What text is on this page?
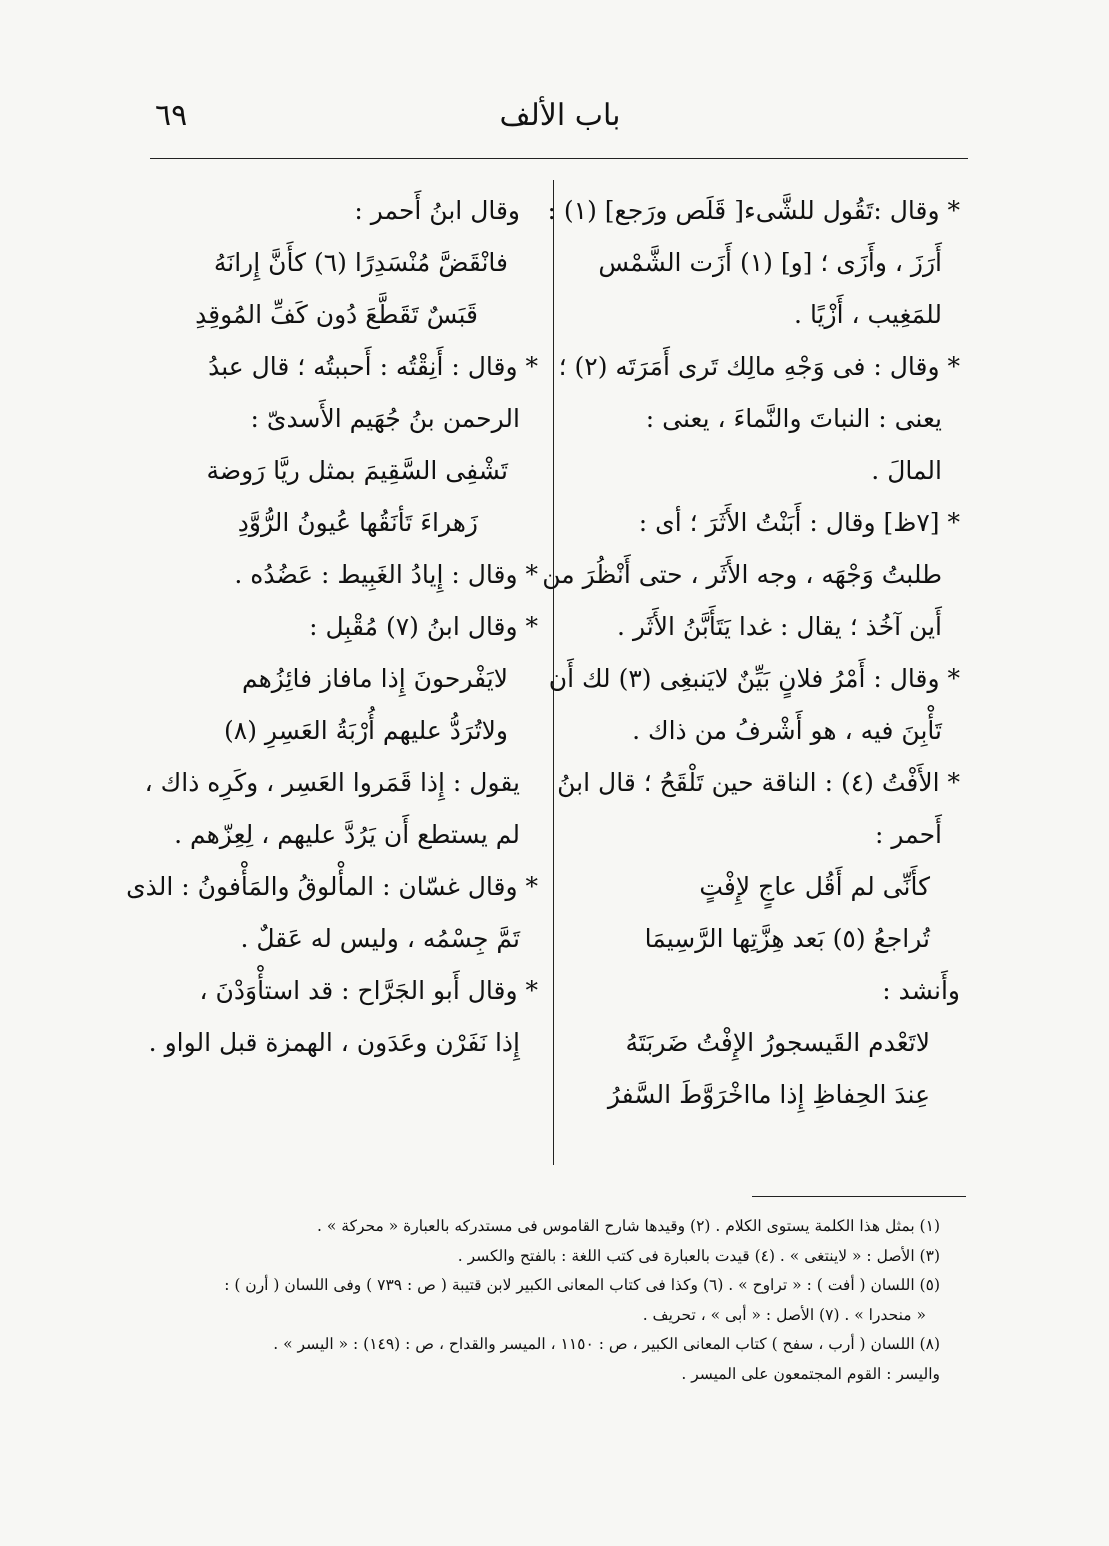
٦٩	باب الألف
* وقال :تَقُول للشَّىء[ قَلَص ورَجع] (١) :
أَرَزَ ، وأَزَى ؛ [و] (١) أَزَت الشَّمْس
للمَغِيب ، أَزْيًا .
* وقال : فى وَجْهِ مالِك تَرى أَمَرَتَه (٢) ؛
يعنى : النباتَ والنَّماءَ ، يعنى :
المالَ .
* [٧ظ] وقال : أَبَنْتُ الأَثَرَ ؛ أى :
طلبتُ وَجْهَه ، وجه الأَثَر ، حتى أَنْظُرَ من
أَين آخُذ ؛ يقال : غدا يَتَأَبَّنُ الأَثَر .
* وقال : أَمْرُ فلانٍ بَيِّنٌ لايَنبغِى (٣) لك أَن
تَأْبِنَ فيه ، هو أَشْرفُ من ذاك .
* الأَفْتُ (٤) : الناقة حين تَلْقَحُ ؛ قال ابنُ
أَحمر :
كأَنِّى لم أَقُل عاجٍ لإِفْتٍ
تُراجعُ (٥) بَعد هِزَّتِها الرَّسِيمَا
وأَنشد :
لاتَعْدم القَيسجورُ الإِفْتُ ضَربَتَهُ
عِندَ الحِفاظِ إِذا مااخْرَوَّطَ السَّفرُ
وقال ابنُ أَحمر :
فانْقَضَّ مُنْسَدِرًا (٦) كأَنَّ إِرانَهُ
قَبَسٌ تَقَطَّعَ دُون كَفِّ المُوقِدِ
* وقال : أَنِقْتُه : أَحببتُه ؛ قال عبدُ
الرحمن بنُ جُهَيم الأَسدىّ :
تَشْفِى السَّقِيمَ بمثل ريَّا رَوضة
زَهراءَ تَأنَقُها عُيونُ الرُّوَّدِ
* وقال : إِيادُ الغَبِيط : عَضُدُه .
* وقال ابنُ (٧) مُقْبِل :
لايَفْرحونَ إِذا مافاز فائِزُهم
ولاتُرَدُّ عليهم أُرْبَةُ العَسِرِ (٨)
يقول : إِذا قَمَروا العَسِر ، وكَرِه ذاك ،
لم يستطع أَن يَرُدَّ عليهم ، لِعِزّهم .
* وقال غسّان : المأْلوقُ والمَأْفونُ : الذى
تَمَّ جِسْمُه ، وليس له عَقلٌ .
* وقال أَبو الجَرَّاح : قد استأْوَدْنَ ،
إِذا نَفَرْن وعَدَون ، الهمزة قبل الواو .
(١) بمثل هذا الكلمة يستوى الكلام . (٢) وقيدها شارح القاموس فى مستدركه بالعبارة « محركة » .
(٣) الأصل : « لاينتغى » . (٤) قيدت بالعبارة فى كتب اللغة : بالفتح والكسر .
(٥) اللسان ( أفت ) : « تراوح » . (٦) وكذا فى كتاب المعانى الكبير لابن قتيبة ( ص : ٧٣٩ ) وفى اللسان ( أرن ) :
« منحدرا » . (٧) الأصل : « أبى » ، تحريف .
(٨) اللسان ( أرب ، سفح ) كتاب المعانى الكبير ، ص : ١١٥٠ ، الميسر والقداح ، ص : (١٤٩) : « اليسر » .
واليسر : القوم المجتمعون على الميسر .
